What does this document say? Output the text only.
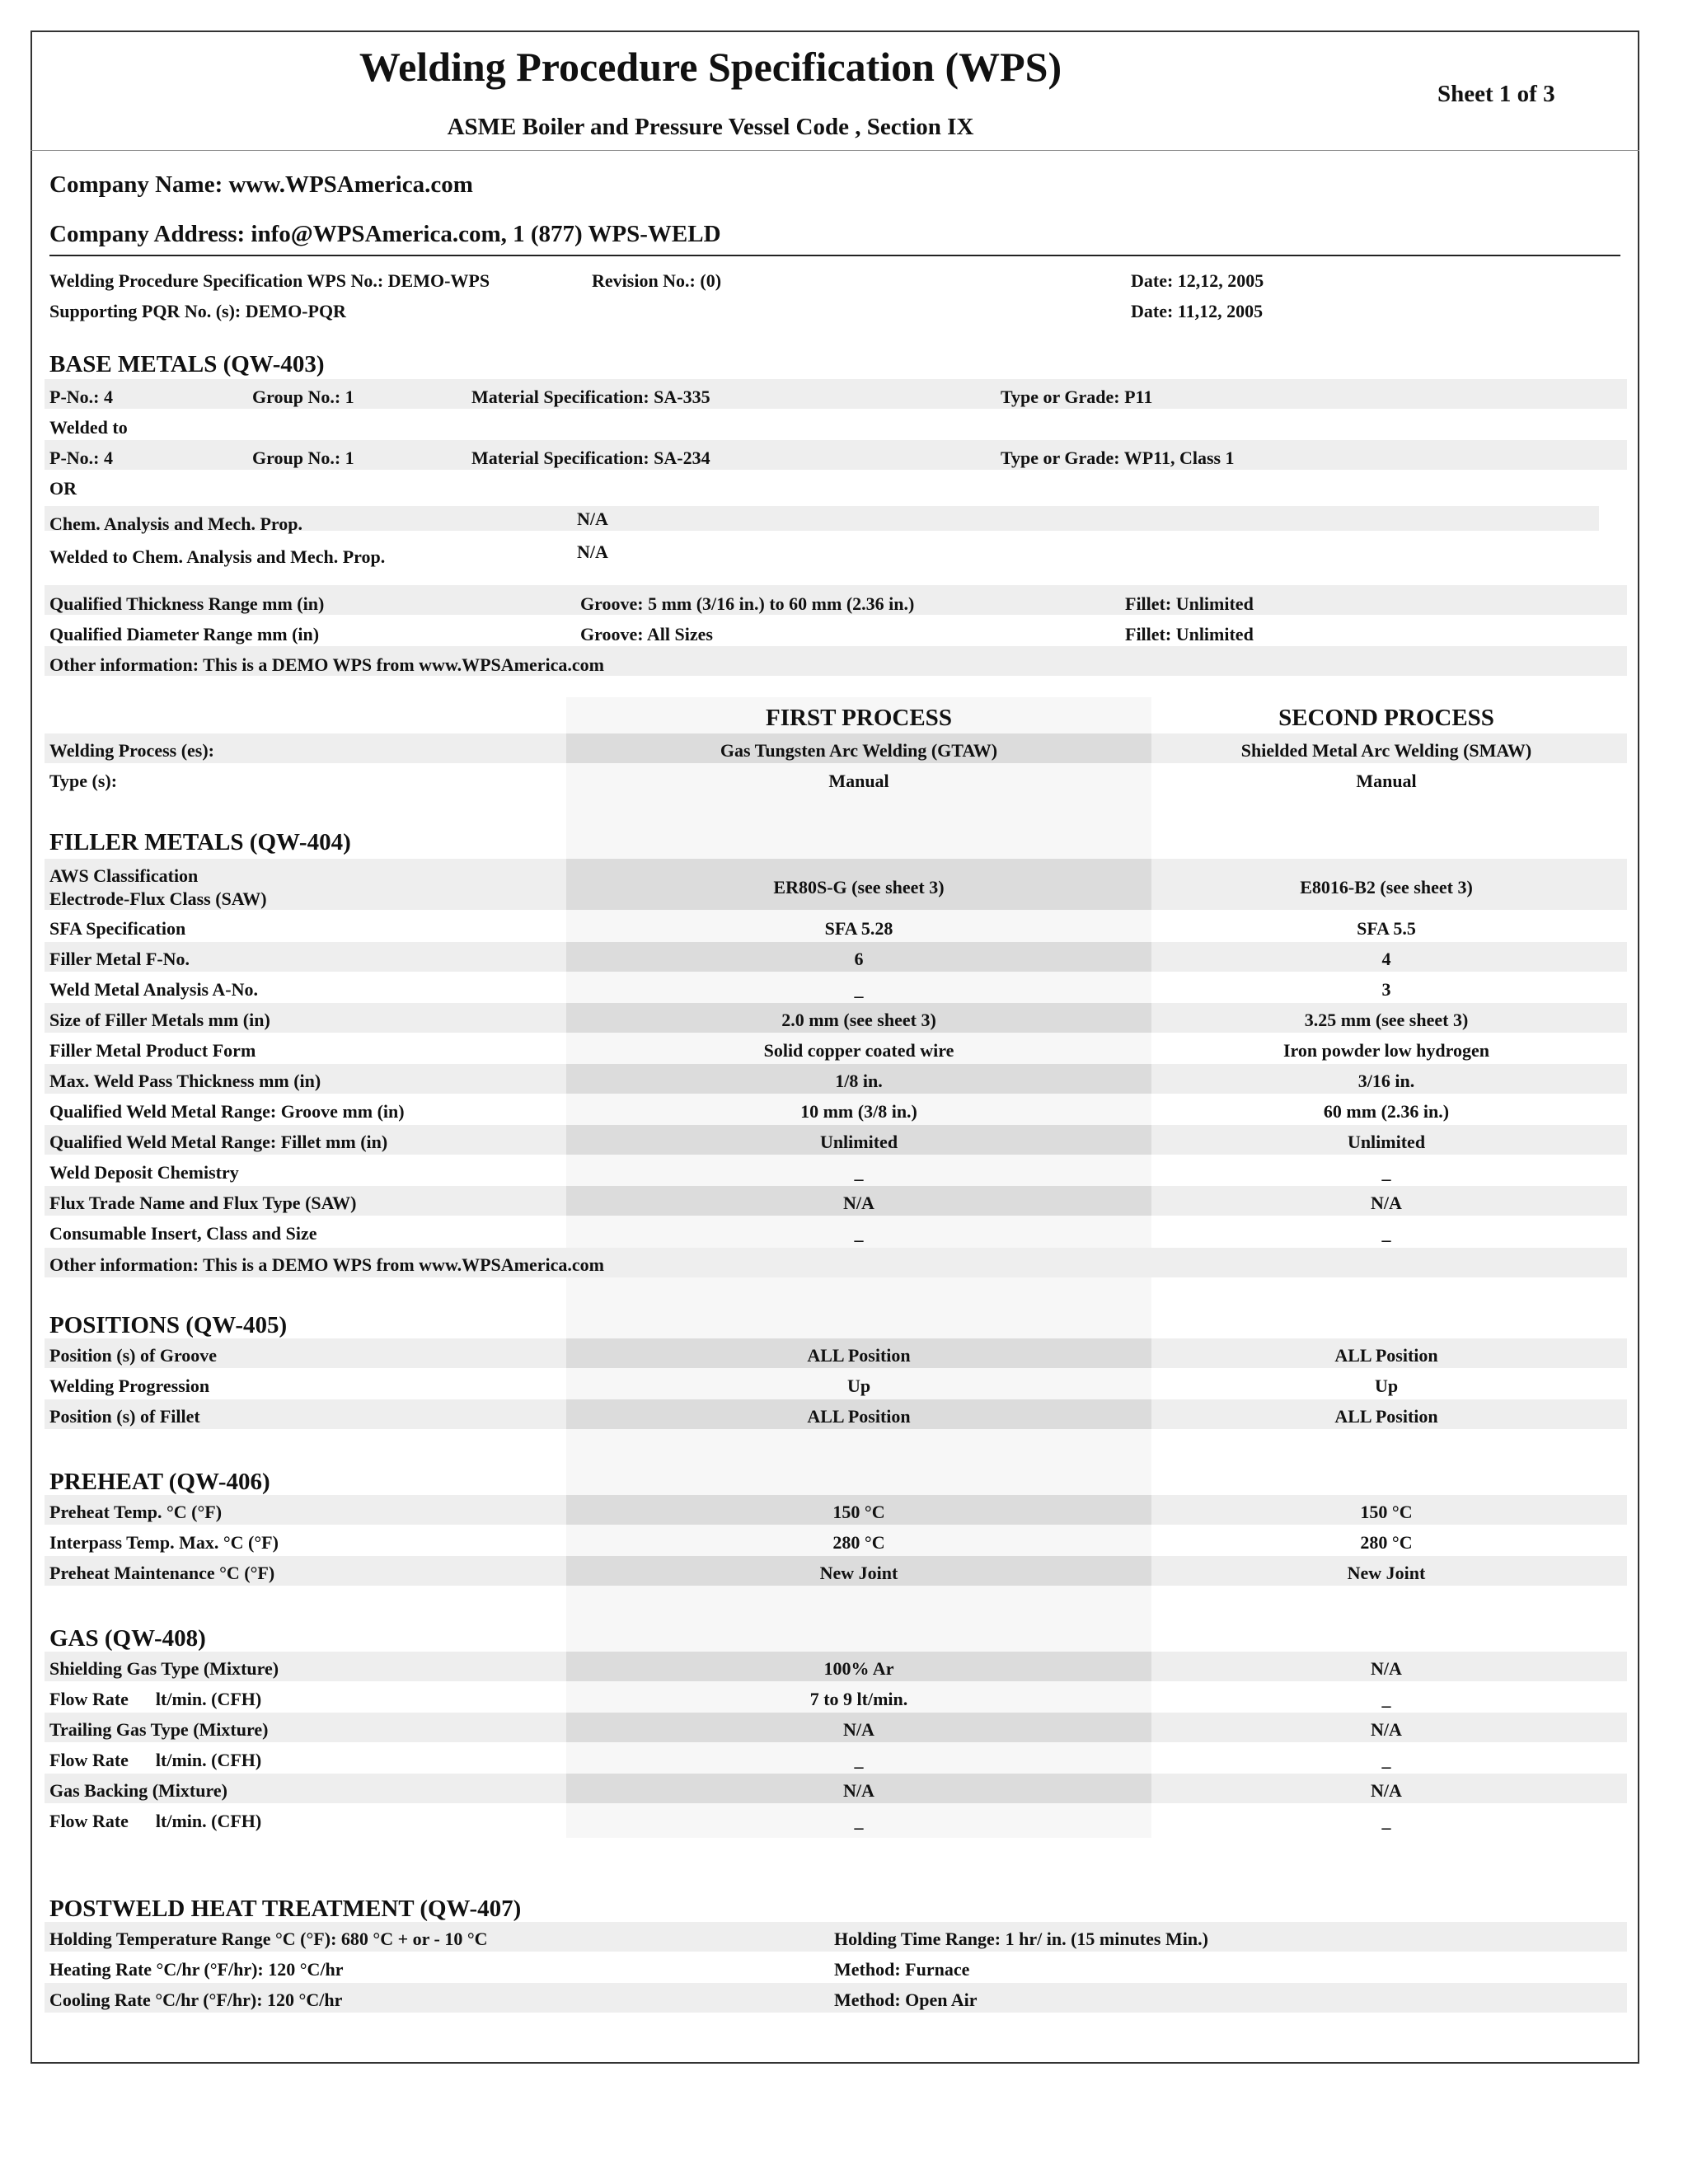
Welding Procedure Specification (WPS)
ASME Boiler and Pressure Vessel Code , Section IX
Sheet 1 of 3
Company Name: www.WPSAmerica.com
Company Address: info@WPSAmerica.com, 1 (877) WPS-WELD
Welding Procedure Specification WPS No.: DEMO-WPS	Revision No.: (0)	Date: 12,12, 2005
Supporting PQR No. (s): DEMO-PQR	Date: 11,12, 2005
BASE METALS (QW-403)
P-No.: 4	Group No.: 1	Material Specification: SA-335	Type or Grade: P11
Welded to
P-No.: 4	Group No.: 1	Material Specification: SA-234	Type or Grade: WP11, Class 1
OR
Chem. Analysis and Mech. Prop.	N/A
Welded to Chem. Analysis and Mech. Prop.	N/A
Qualified Thickness Range mm (in)	Groove: 5 mm (3/16 in.) to 60 mm (2.36 in.)	Fillet: Unlimited
Qualified Diameter Range mm (in)	Groove: All Sizes	Fillet: Unlimited
Other information: This is a DEMO WPS from www.WPSAmerica.com
FIRST PROCESS	SECOND PROCESS
Welding Process (es):	Gas Tungsten Arc Welding (GTAW)	Shielded Metal Arc Welding (SMAW)
Type (s):	Manual	Manual
FILLER METALS (QW-404)
AWS Classification
Electrode-Flux Class (SAW)
ER80S-G (see sheet 3)	E8016-B2 (see sheet 3)
SFA Specification	SFA 5.28	SFA 5.5
Filler Metal F-No.	6	4
Weld Metal Analysis A-No.	_	3
Size of Filler Metals mm (in)	2.0 mm (see sheet 3)	3.25 mm (see sheet 3)
Filler Metal Product Form	Solid copper coated wire	Iron powder low hydrogen
Max. Weld Pass Thickness mm (in)	1/8 in.	3/16 in.
Qualified Weld Metal Range: Groove mm (in)	10 mm (3/8 in.)	60 mm (2.36 in.)
Qualified Weld Metal Range: Fillet mm (in)	Unlimited	Unlimited
Weld Deposit Chemistry	_	_
Flux Trade Name and Flux Type (SAW)	N/A	N/A
Consumable Insert, Class and Size	_	_
Other information: This is a DEMO WPS from www.WPSAmerica.com
POSITIONS (QW-405)
Position (s) of Groove	ALL Position	ALL Position
Welding Progression	Up	Up
Position (s) of Fillet	ALL Position	ALL Position
PREHEAT (QW-406)
Preheat Temp. °C (°F)	150 °C	150 °C
Interpass Temp. Max. °C (°F)	280 °C	280 °C
Preheat Maintenance °C (°F)	New Joint	New Joint
GAS (QW-408)
Shielding Gas Type (Mixture)	100% Ar	N/A
Flow Rate      lt/min. (CFH)	7 to 9 lt/min.	_
Trailing Gas Type (Mixture)	N/A	N/A
Flow Rate      lt/min. (CFH)	_	_
Gas Backing (Mixture)	N/A	N/A
Flow Rate      lt/min. (CFH)	_	_
POSTWELD HEAT TREATMENT (QW-407)
Holding Temperature Range °C (°F): 680 °C + or - 10 °C	Holding Time Range: 1 hr/ in. (15 minutes Min.)
Heating Rate °C/hr (°F/hr): 120 °C/hr	Method: Furnace
Cooling Rate °C/hr (°F/hr): 120 °C/hr	Method: Open Air
